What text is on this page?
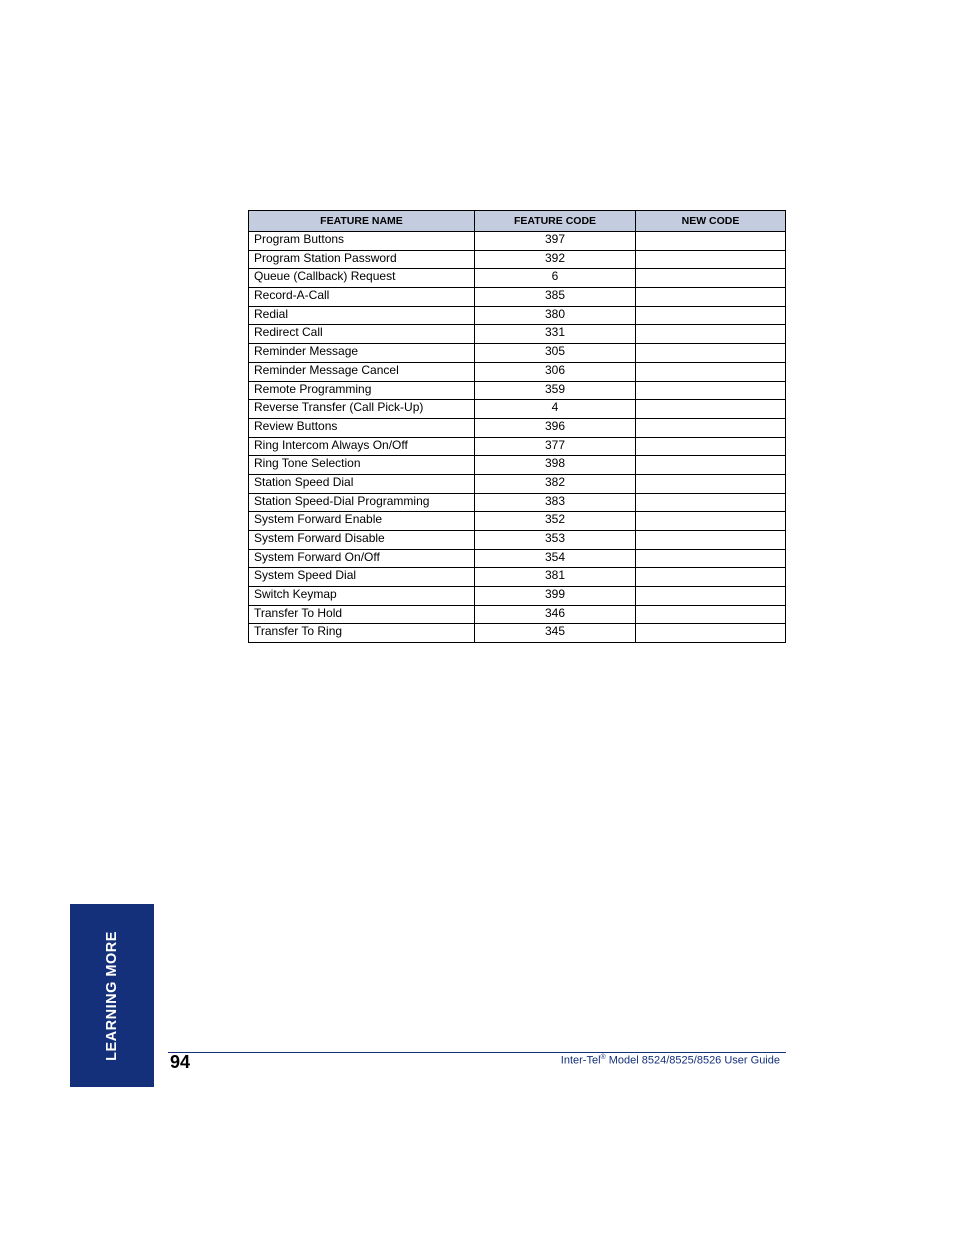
FEATURE NAME	FEATURE CODE	NEW CODE
Program Buttons	397	
Program Station Password	392	
Queue (Callback) Request	6	
Record-A-Call	385	
Redial	380	
Redirect Call	331	
Reminder Message	305	
Reminder Message Cancel	306	
Remote Programming	359	
Reverse Transfer (Call Pick-Up)	4	
Review Buttons	396	
Ring Intercom Always On/Off	377	
Ring Tone Selection	398	
Station Speed Dial	382	
Station Speed-Dial Programming	383	
System Forward Enable	352	
System Forward Disable	353	
System Forward On/Off	354	
System Speed Dial	381	
Switch Keymap	399	
Transfer To Hold	346	
Transfer To Ring	345	
LEARNING MORE
94	Inter-Tel® Model 8524/8525/8526 User Guide
